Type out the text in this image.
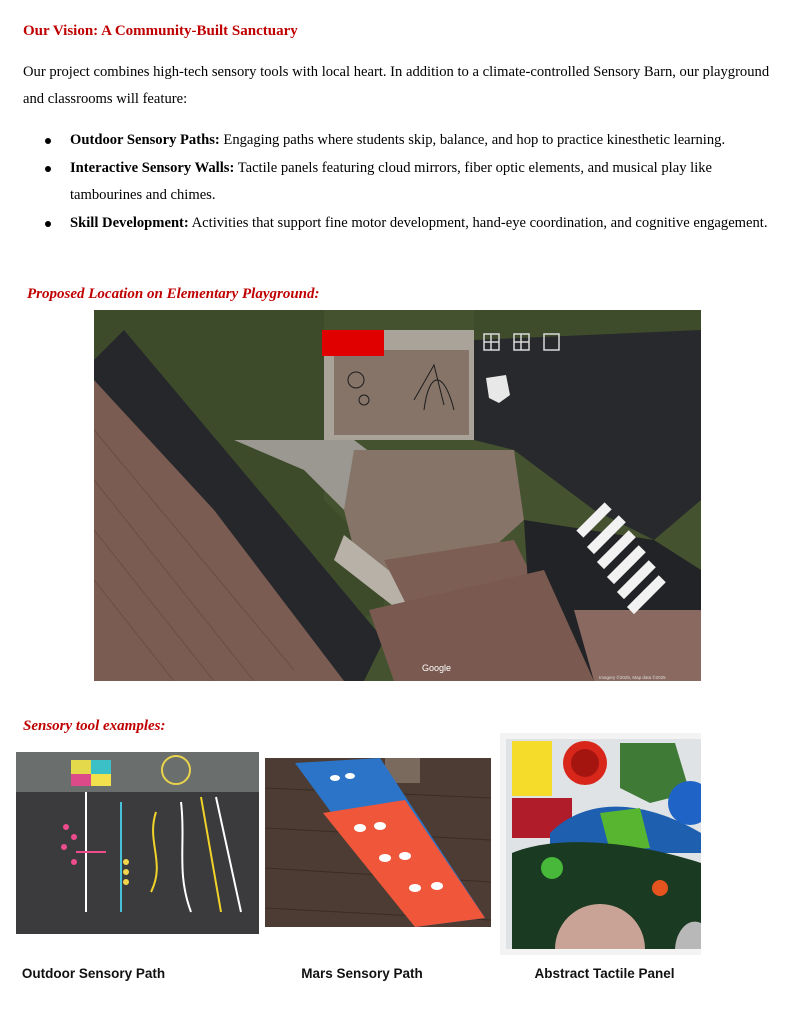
Our Vision: A Community-Built Sanctuary

Our project combines high-tech sensory tools with local heart. In addition to a climate-controlled Sensory Barn, our playground and classrooms will feature:

Outdoor Sensory Paths: Engaging paths where students skip, balance, and hop to practice kinesthetic learning.
Interactive Sensory Walls: Tactile panels featuring cloud mirrors, fiber optic elements, and musical play like tambourines and chimes.
Skill Development: Activities that support fine motor development, hand-eye coordination, and cognitive engagement.

Proposed Location on Elementary Playground:

Google
Imagery ©2025, Map data ©2025

Sensory tool examples:

Outdoor Sensory Path	Mars Sensory Path	Abstract Tactile Panel
